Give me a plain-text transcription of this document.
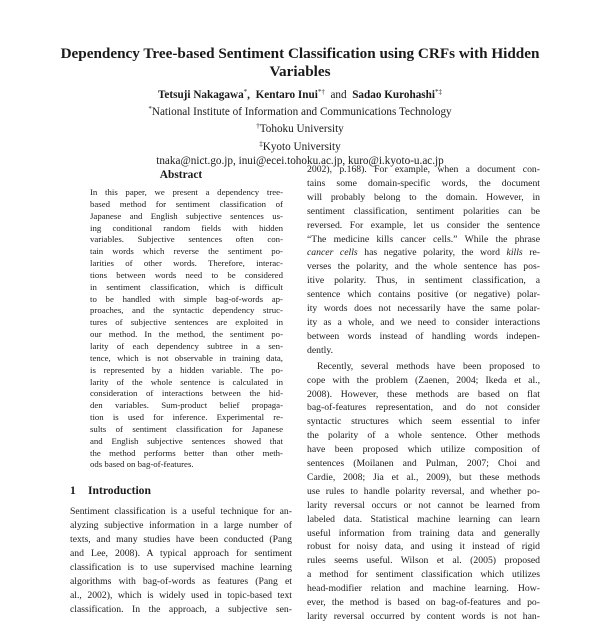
Dependency Tree-based Sentiment Classification using CRFs with Hidden
Variables
Tetsuji Nakagawa*,  Kentaro Inui*† and Sadao Kurohashi*‡
*National Institute of Information and Communications Technology
†Tohoku University
‡Kyoto University
tnaka@nict.go.jp, inui@ecei.tohoku.ac.jp, kuro@i.kyoto-u.ac.jp
Abstract
In this paper, we present a dependency tree-
based method for sentiment classification of
Japanese and English subjective sentences us-
ing conditional random fields with hidden
variables. Subjective sentences often con-
tain words which reverse the sentiment po-
larities of other words. Therefore, interac-
tions between words need to be considered
in sentiment classification, which is difficult
to be handled with simple bag-of-words ap-
proaches, and the syntactic dependency struc-
tures of subjective sentences are exploited in
our method. In the method, the sentiment po-
larity of each dependency subtree in a sen-
tence, which is not observable in training data,
is represented by a hidden variable. The po-
larity of the whole sentence is calculated in
consideration of interactions between the hid-
den variables. Sum-product belief propaga-
tion is used for inference. Experimental re-
sults of sentiment classification for Japanese
and English subjective sentences showed that
the method performs better than other meth-
ods based on bag-of-features.
1 Introduction
Sentiment classification is a useful technique for an-
alyzing subjective information in a large number of
texts, and many studies have been conducted (Pang
and Lee, 2008). A typical approach for sentiment
classification is to use supervised machine learning
algorithms with bag-of-words as features (Pang et
al., 2002), which is widely used in topic-based text
classification. In the approach, a subjective sen-
2002), p.168). For example, when a document con-
tains some domain-specific words, the document
will probably belong to the domain. However, in
sentiment classification, sentiment polarities can be
reversed. For example, let us consider the sentence
“The medicine kills cancer cells.” While the phrase
cancer cells has negative polarity, the word kills re-
verses the polarity, and the whole sentence has pos-
itive polarity. Thus, in sentiment classification, a
sentence which contains positive (or negative) polar-
ity words does not necessarily have the same polar-
ity as a whole, and we need to consider interactions
between words instead of handling words indepen-
dently.
Recently, several methods have been proposed to
cope with the problem (Zaenen, 2004; Ikeda et al.,
2008). However, these methods are based on flat
bag-of-features representation, and do not consider
syntactic structures which seem essential to infer
the polarity of a whole sentence. Other methods
have been proposed which utilize composition of
sentences (Moilanen and Pulman, 2007; Choi and
Cardie, 2008; Jia et al., 2009), but these methods
use rules to handle polarity reversal, and whether po-
larity reversal occurs or not cannot be learned from
labeled data. Statistical machine learning can learn
useful information from training data and generally
robust for noisy data, and using it instead of rigid
rules seems useful. Wilson et al. (2005) proposed
a method for sentiment classification which utilizes
head-modifier relation and machine learning. How-
ever, the method is based on bag-of-features and po-
larity reversal occurred by content words is not han-
